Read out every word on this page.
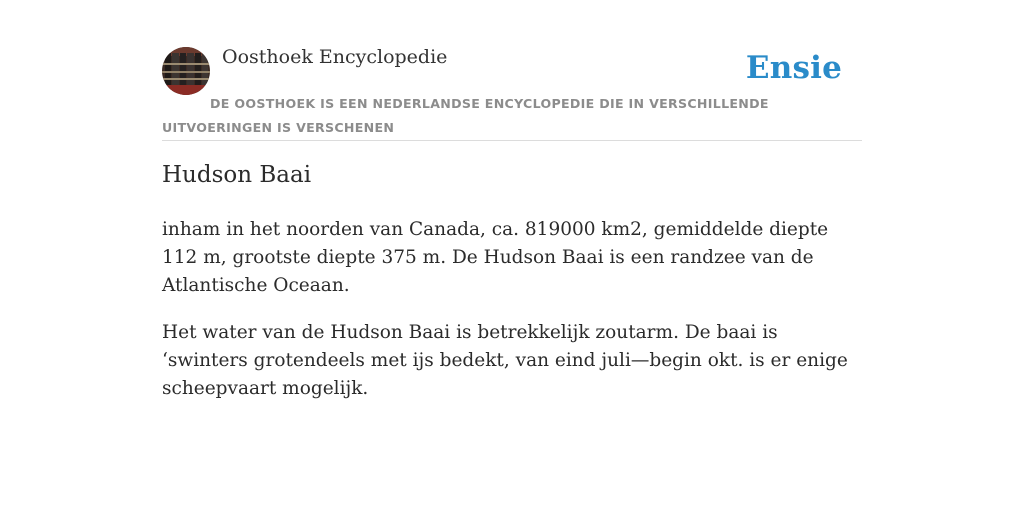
Oosthoek Encyclopedie	Ensie
DE OOSTHOEK IS EEN NEDERLANDSE ENCYCLOPEDIE DIE IN VERSCHILLENDE UITVOERINGEN IS VERSCHENEN
Hudson Baai

inham in het noorden van Canada, ca. 819000 km2, gemiddelde diepte 112 m, grootste diepte 375 m. De Hudson Baai is een randzee van de Atlantische Oceaan.

Het water van de Hudson Baai is betrekkelijk zoutarm. De baai is ‘swinters grotendeels met ijs bedekt, van eind juli—begin okt. is er enige scheepvaart mogelijk.
